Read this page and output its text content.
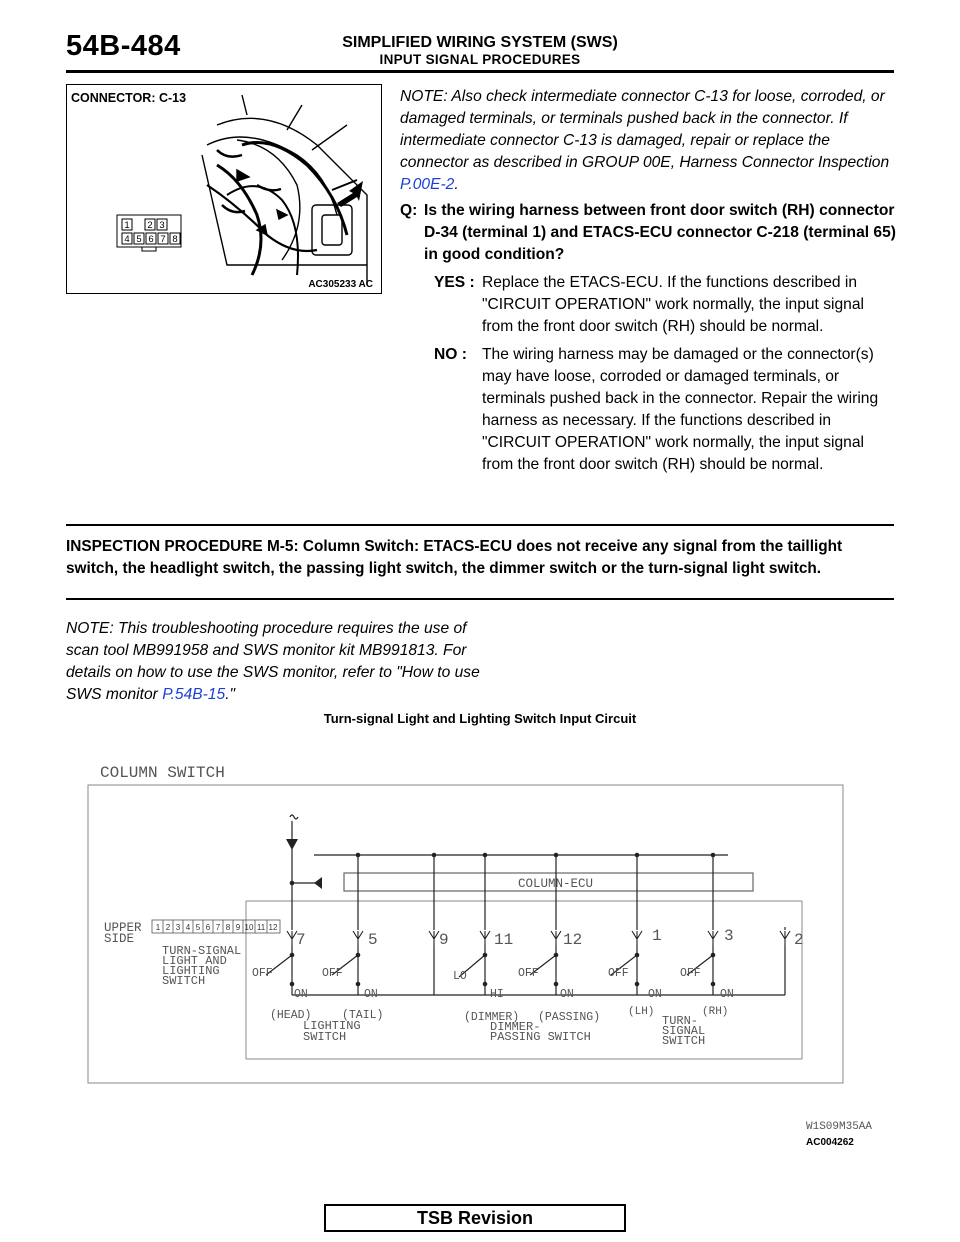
54B-484	SIMPLIFIED WIRING SYSTEM (SWS)
INPUT SIGNAL PROCEDURES
CONNECTOR: C-13
1 2 3
4 5 6 7 8
AC305233 AC
NOTE: Also check intermediate connector C-13 for loose, corroded, or damaged terminals, or terminals pushed back in the connector. If intermediate connector C-13 is damaged, repair or replace the connector as described in GROUP 00E, Harness Connector Inspection P.00E-2.
Q: Is the wiring harness between front door switch (RH) connector D-34 (terminal 1) and ETACS-ECU connector C-218 (terminal 65) in good condition?
YES : Replace the ETACS-ECU. If the functions described in "CIRCUIT OPERATION" work normally, the input signal from the front door switch (RH) should be normal.
NO : The wiring harness may be damaged or the connector(s) may have loose, corroded or damaged terminals, or terminals pushed back in the connector. Repair the wiring harness as necessary. If the functions described in "CIRCUIT OPERATION" work normally, the input signal from the front door switch (RH) should be normal.
INSPECTION PROCEDURE M-5: Column Switch: ETACS-ECU does not receive any signal from the taillight switch, the headlight switch, the passing light switch, the dimmer switch or the turn-signal light switch.
NOTE: This troubleshooting procedure requires the use of scan tool MB991958 and SWS monitor kit MB991813. For details on how to use the SWS monitor, refer to "How to use SWS monitor P.54B-15."
Turn-signal Light and Lighting Switch Input Circuit
COLUMN SWITCH
COLUMN-ECU
UPPER
SIDE	7	5	9	11	12	1	3	2
TURN-SIGNAL
LIGHT AND
LIGHTING
SWITCH
OFF
ON
OFF
ON
LO
HI
OFF
ON
OFF
ON
OFF
ON
(HEAD)	(TAIL)
LIGHTING
SWITCH
(DIMMER) (PASSING)
DIMMER-
PASSING SWITCH
(LH)	(RH)
TURN-
SIGNAL
SWITCH
W1S09M35AA
1 2 3 4 5 6 7 8 9 10 11 12
AC004262
TSB Revision
